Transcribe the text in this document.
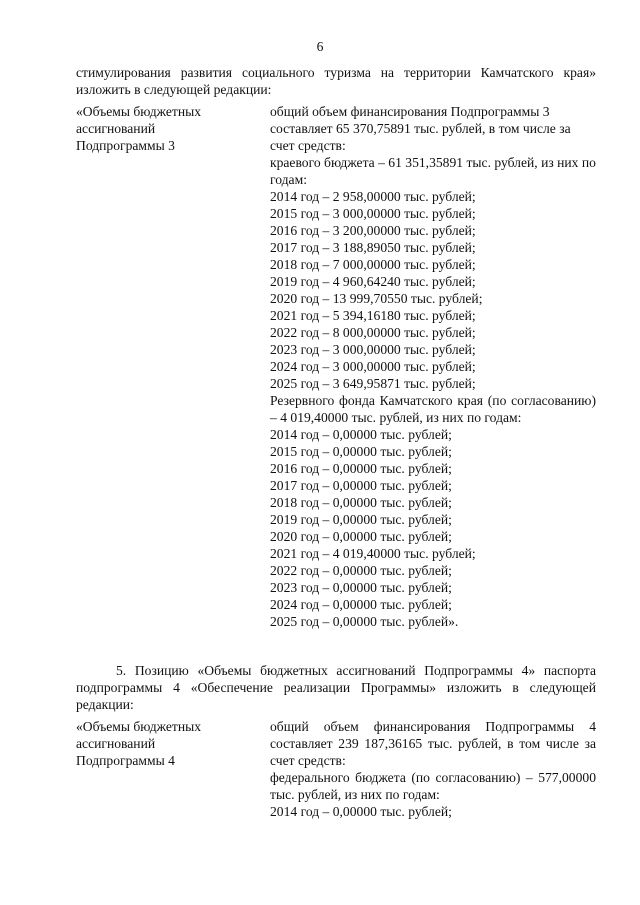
6
стимулирования развития социального туризма на территории Камчатского края» изложить в следующей редакции:
«Объемы бюджетных
ассигнований
Подпрограммы 3
общий объем финансирования Подпрограммы 3 составляет 65 370,75891 тыс. рублей, в том числе за счет средств:
краевого бюджета – 61 351,35891 тыс. рублей, из них по годам:
2014 год – 2 958,00000 тыс. рублей;
2015 год – 3 000,00000 тыс. рублей;
2016 год – 3 200,00000 тыс. рублей;
2017 год – 3 188,89050 тыс. рублей;
2018 год – 7 000,00000 тыс. рублей;
2019 год – 4 960,64240 тыс. рублей;
2020 год – 13 999,70550 тыс. рублей;
2021 год – 5 394,16180 тыс. рублей;
2022 год – 8 000,00000 тыс. рублей;
2023 год – 3 000,00000 тыс. рублей;
2024 год – 3 000,00000 тыс. рублей;
2025 год – 3 649,95871 тыс. рублей;
Резервного фонда Камчатского края (по согласованию) – 4 019,40000 тыс. рублей, из них по годам:
2014 год – 0,00000 тыс. рублей;
2015 год – 0,00000 тыс. рублей;
2016 год – 0,00000 тыс. рублей;
2017 год – 0,00000 тыс. рублей;
2018 год – 0,00000 тыс. рублей;
2019 год – 0,00000 тыс. рублей;
2020 год – 0,00000 тыс. рублей;
2021 год – 4 019,40000 тыс. рублей;
2022 год – 0,00000 тыс. рублей;
2023 год – 0,00000 тыс. рублей;
2024 год – 0,00000 тыс. рублей;
2025 год – 0,00000 тыс. рублей».
5. Позицию «Объемы бюджетных ассигнований Подпрограммы 4» паспорта подпрограммы 4 «Обеспечение реализации Программы» изложить в следующей редакции:
«Объемы бюджетных
ассигнований
Подпрограммы 4
общий объем финансирования Подпрограммы 4 составляет 239 187,36165 тыс. рублей, в том числе за счет средств:
федерального бюджета (по согласованию) – 577,00000 тыс. рублей, из них по годам:
2014 год – 0,00000 тыс. рублей;
